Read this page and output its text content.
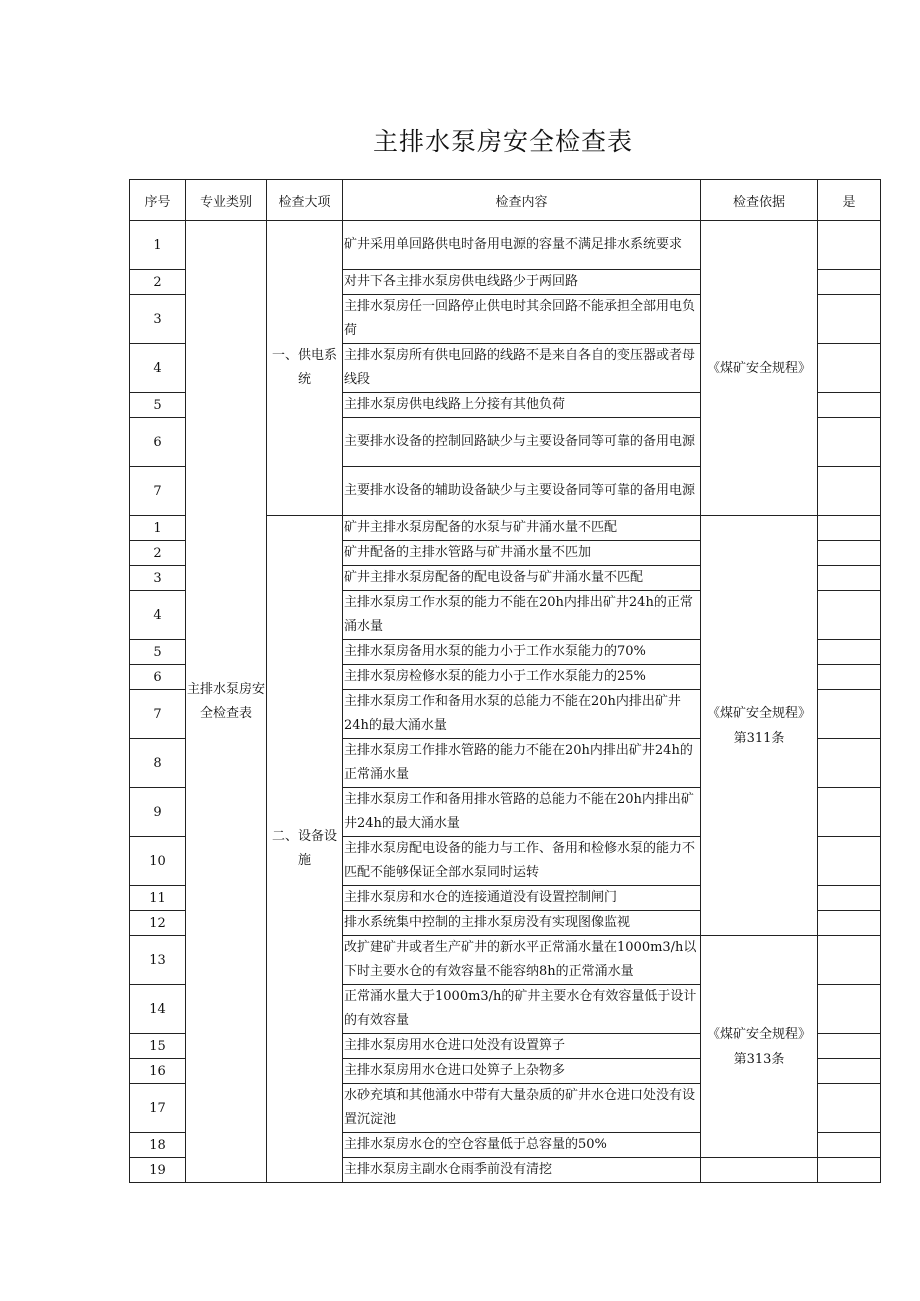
主排水泵房安全检查表
序号	专业类别	检查大项	检查内容	检查依据	是
1	主排水泵房安全检查表	一、供电系统	矿井采用单回路供电时备用电源的容量不满足排水系统要求	《煤矿安全规程》	
2			对井下各主排水泵房供电线路少于两回路		
3			主排水泵房任一回路停止供电时其余回路不能承担全部用电负荷		
4			主排水泵房所有供电回路的线路不是来自各自的变压器或者母线段		
5			主排水泵房供电线路上分接有其他负荷		
6			主要排水设备的控制回路缺少与主要设备同等可靠的备用电源		
7			主要排水设备的辅助设备缺少与主要设备同等可靠的备用电源		
1		二、设备设施	矿井主排水泵房配备的水泵与矿井涌水量不匹配	《煤矿安全规程》第311条	
2			矿井配备的主排水管路与矿井涌水量不匹加		
3			矿井主排水泵房配备的配电设备与矿井涌水量不匹配		
4			主排水泵房工作水泵的能力不能在20h内排出矿井24h的正常涌水量		
5			主排水泵房备用水泵的能力小于工作水泵能力的70%		
6			主排水泵房检修水泵的能力小于工作水泵能力的25%		
7			主排水泵房工作和备用水泵的总能力不能在20h内排出矿井24h的最大涌水量		
8			主排水泵房工作排水管路的能力不能在20h内排出矿井24h的正常涌水量		
9			主排水泵房工作和备用排水管路的总能力不能在20h内排出矿井24h的最大涌水量		
10			主排水泵房配电设备的能力与工作、备用和检修水泵的能力不匹配不能够保证全部水泵同时运转		
11			主排水泵房和水仓的连接通道没有设置控制闸门		
12			排水系统集中控制的主排水泵房没有实现图像监视		
13			改扩建矿井或者生产矿井的新水平正常涌水量在1000m3/h以下时主要水仓的有效容量不能容纳8h的正常涌水量	《煤矿安全规程》第313条	
14			正常涌水量大于1000m3/h的矿井主要水仓有效容量低于设计的有效容量		
15			主排水泵房用水仓进口处没有设置箅子		
16			主排水泵房用水仓进口处箅子上杂物多		
17			水砂充填和其他涌水中带有大量杂质的矿井水仓进口处没有设置沉淀池		
18			主排水泵房水仓的空仓容量低于总容量的50%		
19			主排水泵房主副水仓雨季前没有清挖		
